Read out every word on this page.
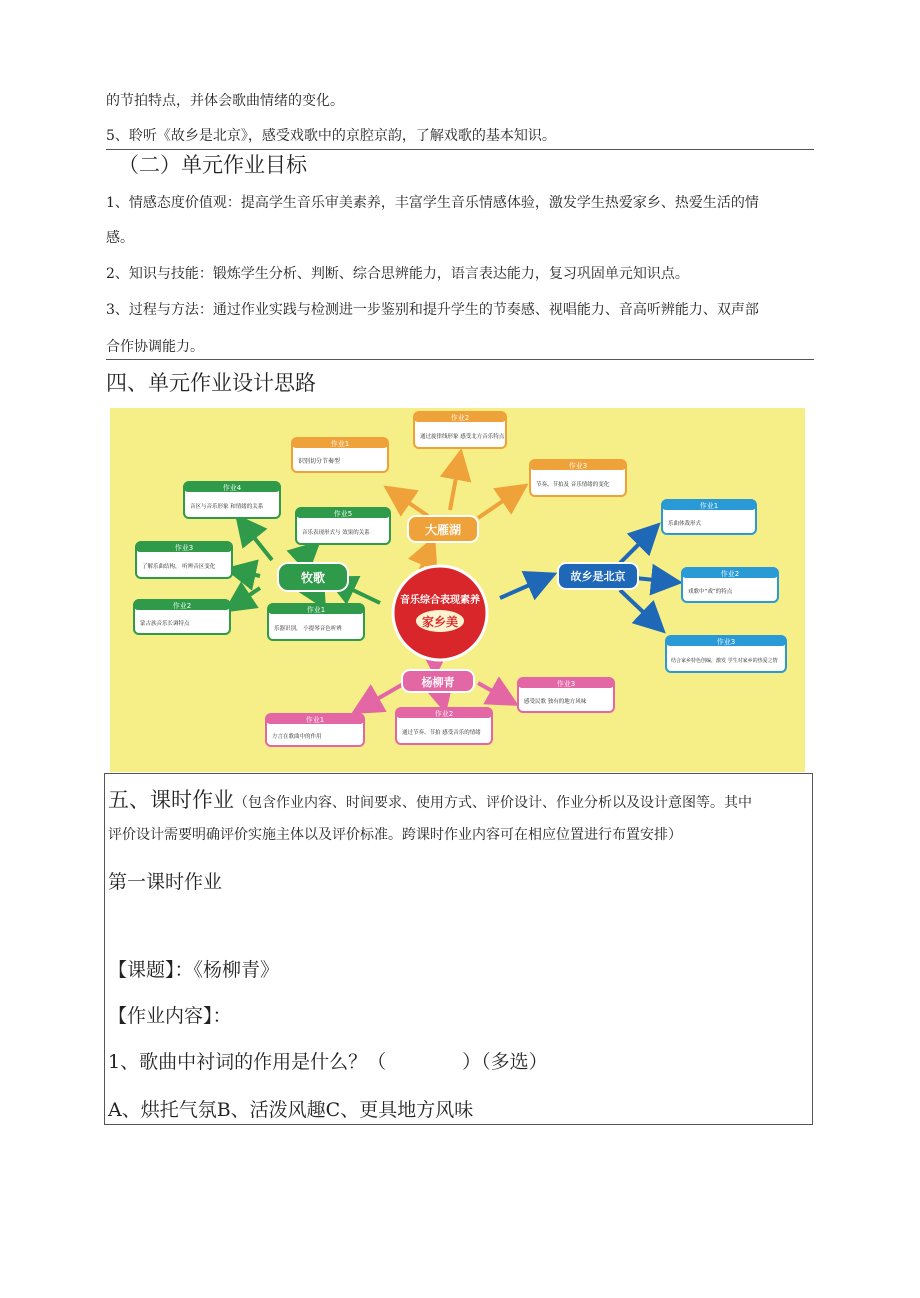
的节拍特点，并体会歌曲情绪的变化。
5、聆听《故乡是北京》，感受戏歌中的京腔京韵，了解戏歌的基本知识。
（二）单元作业目标
1、情感态度价值观：提高学生音乐审美素养，丰富学生音乐情感体验，激发学生热爱家乡、热爱生活的情
感。
2、知识与技能：锻炼学生分析、判断、综合思辨能力，语言表达能力，复习巩固单元知识点。
3、过程与方法：通过作业实践与检测进一步鉴别和提升学生的节奏感、视唱能力、音高听辨能力、双声部
合作协调能力。
四、单元作业设计思路
音乐综合表现素养
家乡美
大雁湖
牧歌	故乡是北京
杨柳青
作业1
识别切分节奏型
作业2
通过旋律线形象 感受北方音乐特点
作业3
节奏、节拍及 音乐情绪的变化
作业4
音区与音乐形象 和情绪的关系
作业5
音乐表现形式与 效果的关系
作业3
了解乐曲结构， 听辨音区变化
作业2
蒙古族音乐长调特点
作业1
乐器识别， 小提琴音色听辨
作业1
乐曲体裁形式
作业2
戏歌中“戏”的特点
作业3
结合家乡特色创编，激发 学生对家乡的热爱之情
作业1
方言在歌曲中的作用
作业2
通过节奏、节拍 感受音乐的情绪
作业3
感受民歌 独有的地方风味
五、课时作业（包含作业内容、时间要求、使用方式、评价设计、作业分析以及设计意图等。其中
评价设计需要明确评价实施主体以及评价标准。跨课时作业内容可在相应位置进行布置安排）
第一课时作业
【课题】：《杨柳青》
【作业内容】：
1、歌曲中衬词的作用是什么？（　　　　）（多选）
A、烘托气氛B、活泼风趣C、更具地方风味
